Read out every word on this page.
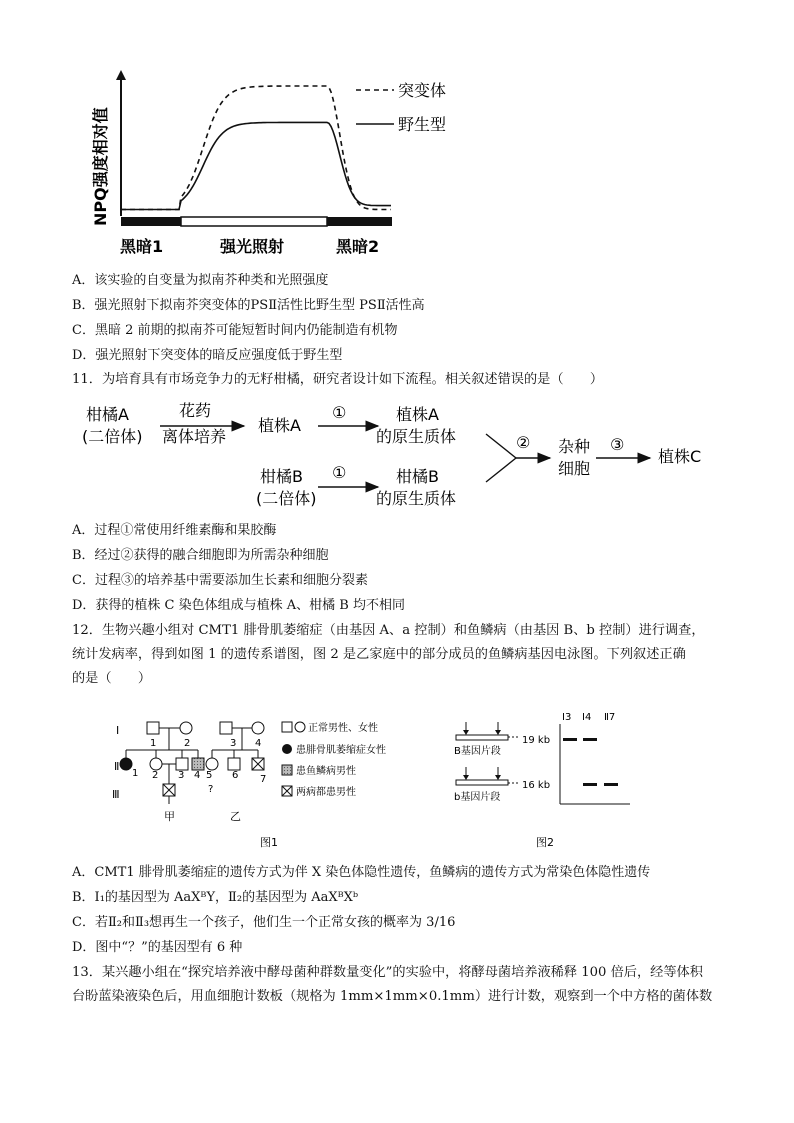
NPQ强度相对值
突变体
野生型
黑暗1	强光照射	黑暗2
A．该实验的自变量为拟南芥种类和光照强度
B．强光照射下拟南芥突变体的PSⅡ活性比野生型 PSⅡ活性高
C．黑暗 2 前期的拟南芥可能短暂时间内仍能制造有机物
D．强光照射下突变体的暗反应强度低于野生型
11．为培育具有市场竞争力的无籽柑橘，研究者设计如下流程。相关叙述错误的是（　　）
柑橘A
(二倍体)
花药
离体培养
植株A
①	植株A
的原生质体
柑橘B
(二倍体)
①	柑橘B
的原生质体
② 杂种
细胞
③
植株C
A．过程①常使用纤维素酶和果胶酶
B．经过②获得的融合细胞即为所需杂种细胞
C．过程③的培养基中需要添加生长素和细胞分裂素
D．获得的植株 C 染色体组成与植株 A、柑橘 B 均不相同
12．生物兴趣小组对 CMT1 腓骨肌萎缩症（由基因 A、a 控制）和鱼鳞病（由基因 B、b 控制）进行调查，
统计发病率，得到如图 1 的遗传系谱图，图 2 是乙家庭中的部分成员的鱼鳞病基因电泳图。下列叙述正确
的是（　　）
Ⅰ
Ⅱ
Ⅲ
1	2
1 2 3 4
甲
3 4
5 6 7
?
乙
正常男性、女性
患腓骨肌萎缩症女性
患鱼鳞病男性
两病都患男性
图1
Ⅰ3 Ⅰ4 Ⅱ7
19 kb
16 kb
B基因片段
b基因片段
图2
A．CMT1 腓骨肌萎缩症的遗传方式为伴 X 染色体隐性遗传，鱼鳞病的遗传方式为常染色体隐性遗传
B．Ⅰ₁的基因型为 AaXᴮY，Ⅱ₂的基因型为 AaXᴮXᵇ
C．若Ⅱ₂和Ⅱ₃想再生一个孩子，他们生一个正常女孩的概率为 3/16
D．图中“？”的基因型有 6 种
13．某兴趣小组在“探究培养液中酵母菌种群数量变化”的实验中，将酵母菌培养液稀释 100 倍后，经等体积
台盼蓝染液染色后，用血细胞计数板（规格为 1mm×1mm×0.1mm）进行计数，观察到一个中方格的菌体数
